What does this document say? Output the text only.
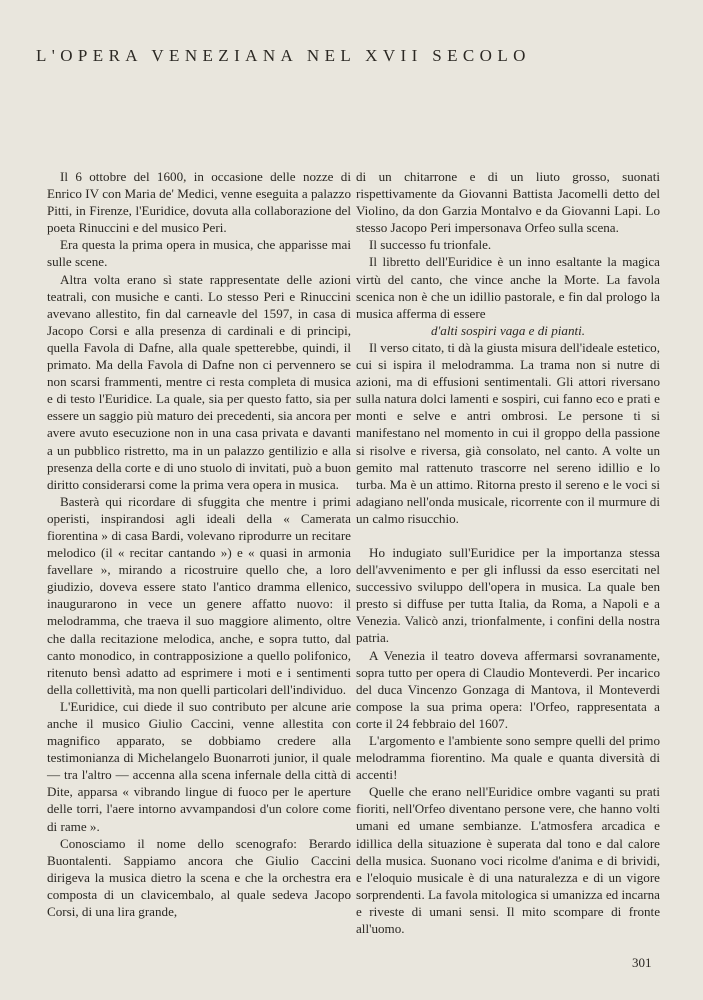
L'OPERA VENEZIANA NEL XVII SECOLO

Il 6 ottobre del 1600, in occasione delle nozze di Enrico IV con Maria de' Medici, venne eseguita a palazzo Pitti, in Firenze, l'Euridice, dovuta alla collaborazione del poeta Rinuccini e del musico Peri.

Era questa la prima opera in musica, che apparisse mai sulle scene.

Altra volta erano sì state rappresentate delle azioni teatrali, con musiche e canti. Lo stesso Peri e Rinuccini avevano allestito, fin dal carneavle del 1597, in casa di Jacopo Corsi e alla presenza di cardinali e di principi, quella Favola di Dafne, alla quale spetterebbe, quindi, il primato. Ma della Favola di Dafne non ci pervennero se non scarsi frammenti, mentre ci resta completa di musica e di testo l'Euridice. La quale, sia per questo fatto, sia per essere un saggio più maturo dei precedenti, sia ancora per avere avuto esecuzione non in una casa privata e davanti a un pubblico ristretto, ma in un palazzo gentilizio e alla presenza della corte e di uno stuolo di invitati, può a buon diritto considerarsi come la prima vera opera in musica.

Basterà qui ricordare di sfuggita che mentre i primi operisti, inspirandosi agli ideali della « Camerata fiorentina » di casa Bardi, volevano riprodurre un recitare melodico (il « recitar cantando ») e « quasi in armonia favellare », mirando a ricostruire quello che, a loro giudizio, doveva essere stato l'antico dramma ellenico, inaugurarono in vece un genere affatto nuovo: il melodramma, che traeva il suo maggiore alimento, oltre che dalla recitazione melodica, anche, e sopra tutto, dal canto monodico, in contrapposizione a quello polifonico, ritenuto bensì adatto ad esprimere i moti e i sentimenti della collettività, ma non quelli particolari dell'individuo.

L'Euridice, cui diede il suo contributo per alcune arie anche il musico Giulio Caccini, venne allestita con magnifico apparato, se dobbiamo credere alla testimonianza di Michelangelo Buonarroti junior, il quale — tra l'altro — accenna alla scena infernale della città di Dite, apparsa « vibrando lingue di fuoco per le aperture delle torri, l'aere intorno avvampandosi d'un colore come di rame ».

Conosciamo il nome dello scenografo: Berardo Buontalenti. Sappiamo ancora che Giulio Caccini dirigeva la musica dietro la scena e che la orchestra era composta di un clavicembalo, al quale sedeva Jacopo Corsi, di una lira grande,

di un chitarrone e di un liuto grosso, suonati rispettivamente da Giovanni Battista Jacomelli detto del Violino, da don Garzia Montalvo e da Giovanni Lapi. Lo stesso Jacopo Peri impersonava Orfeo sulla scena.

Il successo fu trionfale.

Il libretto dell'Euridice è un inno esaltante la magica virtù del canto, che vince anche la Morte. La favola scenica non è che un idillio pastorale, e fin dal prologo la musica afferma di essere

d'alti sospiri vaga e di pianti.

Il verso citato, ti dà la giusta misura dell'ideale estetico, cui si ispira il melodramma. La trama non si nutre di azioni, ma di effusioni sentimentali. Gli attori riversano sulla natura dolci lamenti e sospiri, cui fanno eco e prati e monti e selve e antri ombrosi. Le persone ti si manifestano nel momento in cui il groppo della passione si risolve e riversa, già consolato, nel canto. A volte un gemito mal rattenuto trascorre nel sereno idillio e lo turba. Ma è un attimo. Ritorna presto il sereno e le voci si adagiano nell'onda musicale, ricorrente con il murmure di un calmo risucchio.

Ho indugiato sull'Euridice per la importanza stessa dell'avvenimento e per gli influssi da esso esercitati nel successivo sviluppo dell'opera in musica. La quale ben presto si diffuse per tutta Italia, da Roma, a Napoli e a Venezia. Valicò anzi, trionfalmente, i confini della nostra patria.

A Venezia il teatro doveva affermarsi sovranamente, sopra tutto per opera di Claudio Monteverdi. Per incarico del duca Vincenzo Gonzaga di Mantova, il Monteverdi compose la sua prima opera: l'Orfeo, rappresentata a corte il 24 febbraio del 1607.

L'argomento e l'ambiente sono sempre quelli del primo melodramma fiorentino. Ma quale e quanta diversità di accenti!

Quelle che erano nell'Euridice ombre vaganti su prati fioriti, nell'Orfeo diventano persone vere, che hanno volti umani ed umane sembianze. L'atmosfera arcadica e idillica della situazione è superata dal tono e dal calore della musica. Suonano voci ricolme d'anima e di brividi, e l'eloquio musicale è di una naturalezza e di un vigore sorprendenti. La favola mitologica si umanizza ed incarna e riveste di umani sensi. Il mito scompare di fronte all'uomo.

301
